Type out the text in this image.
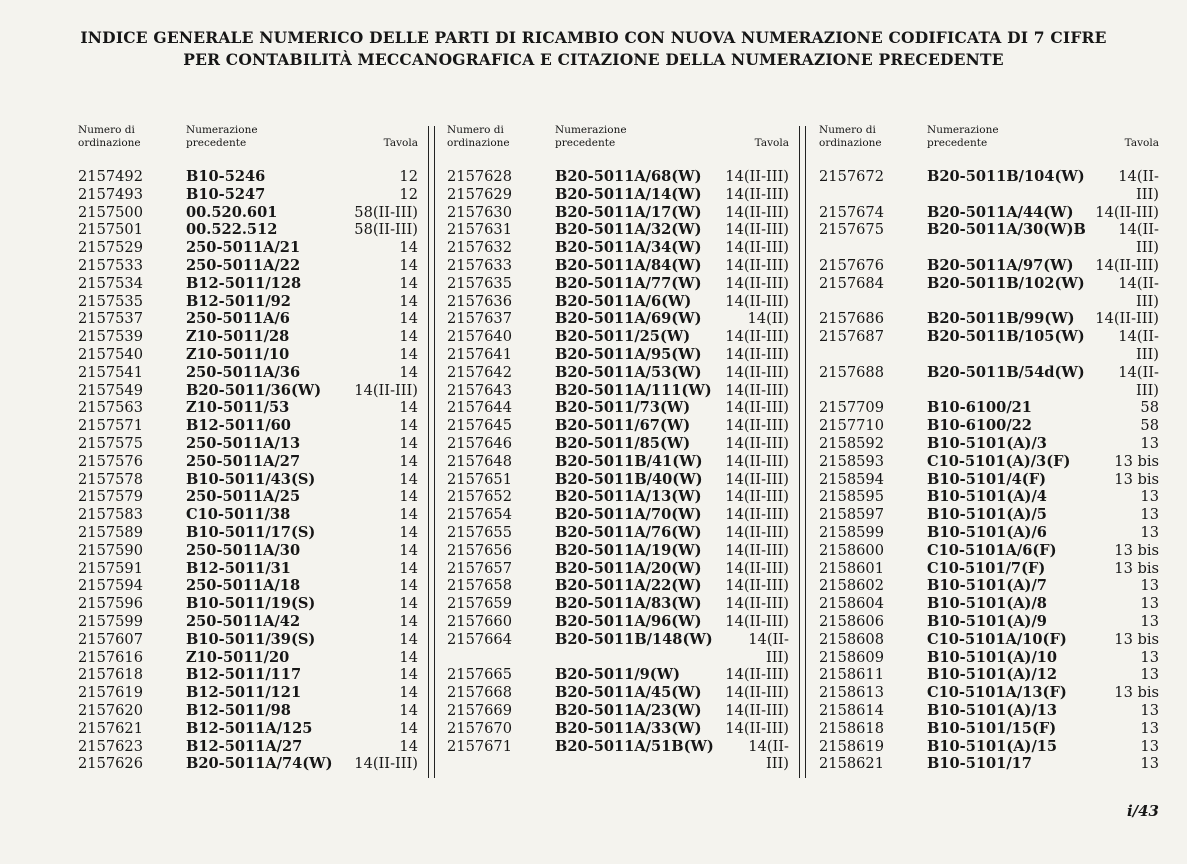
INDICE GENERALE NUMERICO DELLE PARTI DI RICAMBIO CON NUOVA NUMERAZIONE CODIFICATA DI 7 CIFRE
PER CONTABILITÀ MECCANOGRAFICA E CITAZIONE DELLA NUMERAZIONE PRECEDENTE
Numero di
ordinazione
Numerazione
precedente	Tavola
2157492	B10-5246	12
2157493	B10-5247	12
2157500	00.520.601	58(II-III)
2157501	00.522.512	58(II-III)
2157529	250-5011A/21	14
2157533	250-5011A/22	14
2157534	B12-5011/128	14
2157535	B12-5011/92	14
2157537	250-5011A/6	14
2157539	Z10-5011/28	14
2157540	Z10-5011/10	14
2157541	250-5011A/36	14
2157549	B20-5011/36(W)	14(II-III)
2157563	Z10-5011/53	14
2157571	B12-5011/60	14
2157575	250-5011A/13	14
2157576	250-5011A/27	14
2157578	B10-5011/43(S)	14
2157579	250-5011A/25	14
2157583	C10-5011/38	14
2157589	B10-5011/17(S)	14
2157590	250-5011A/30	14
2157591	B12-5011/31	14
2157594	250-5011A/18	14
2157596	B10-5011/19(S)	14
2157599	250-5011A/42	14
2157607	B10-5011/39(S)	14
2157616	Z10-5011/20	14
2157618	B12-5011/117	14
2157619	B12-5011/121	14
2157620	B12-5011/98	14
2157621	B12-5011A/125	14
2157623	B12-5011A/27	14
2157626	B20-5011A/74(W)	14(II-III)
Numero di
ordinazione
Numerazione
precedente	Tavola
2157628	B20-5011A/68(W)	14(II-III)
2157629	B20-5011A/14(W)	14(II-III)
2157630	B20-5011A/17(W)	14(II-III)
2157631	B20-5011A/32(W)	14(II-III)
2157632	B20-5011A/34(W)	14(II-III)
2157633	B20-5011A/84(W)	14(II-III)
2157635	B20-5011A/77(W)	14(II-III)
2157636	B20-5011A/6(W)	14(II-III)
2157637	B20-5011A/69(W)	14(II)
2157640	B20-5011/25(W)	14(II-III)
2157641	B20-5011A/95(W)	14(II-III)
2157642	B20-5011A/53(W)	14(II-III)
2157643	B20-5011A/111(W) 14(II-III)
2157644	B20-5011/73(W)	14(II-III)
2157645	B20-5011/67(W)	14(II-III)
2157646	B20-5011/85(W)	14(II-III)
2157648	B20-5011B/41(W)	14(II-III)
2157651	B20-5011B/40(W)	14(II-III)
2157652	B20-5011A/13(W)	14(II-III)
2157654	B20-5011A/70(W)	14(II-III)
2157655	B20-5011A/76(W)	14(II-III)
2157656	B20-5011A/19(W)	14(II-III)
2157657	B20-5011A/20(W)	14(II-III)
2157658	B20-5011A/22(W)	14(II-III)
2157659	B20-5011A/83(W)	14(II-III)
2157660	B20-5011A/96(W)	14(II-III)
2157664	B20-5011B/148(W)	14(II-
III)
2157665	B20-5011/9(W)	14(II-III)
2157668	B20-5011A/45(W)	14(II-III)
2157669	B20-5011A/23(W)	14(II-III)
2157670	B20-5011A/33(W)	14(II-III)
2157671	B20-5011A/51B(W)	14(II-
III)
Numero di
ordinazione
Numerazione
precedente	Tavola
2157672	B20-5011B/104(W)	14(II-
III)
2157674	B20-5011A/44(W)	14(II-III)
2157675	B20-5011A/30(W)B	14(II-
III)
2157676	B20-5011A/97(W)	14(II-III)
2157684	B20-5011B/102(W)	14(II-
III)
2157686	B20-5011B/99(W)	14(II-III)
2157687	B20-5011B/105(W)	14(II-
III)
2157688	B20-5011B/54d(W)	14(II-
III)
2157709	B10-6100/21	58
2157710	B10-6100/22	58
2158592	B10-5101(A)/3	13
2158593	C10-5101(A)/3(F)	13 bis
2158594	B10-5101/4(F)	13 bis
2158595	B10-5101(A)/4	13
2158597	B10-5101(A)/5	13
2158599	B10-5101(A)/6	13
2158600	C10-5101A/6(F)	13 bis
2158601	C10-5101/7(F)	13 bis
2158602	B10-5101(A)/7	13
2158604	B10-5101(A)/8	13
2158606	B10-5101(A)/9	13
2158608	C10-5101A/10(F)	13 bis
2158609	B10-5101(A)/10	13
2158611	B10-5101(A)/12	13
2158613	C10-5101A/13(F)	13 bis
2158614	B10-5101(A)/13	13
2158618	B10-5101/15(F)	13
2158619	B10-5101(A)/15	13
2158621	B10-5101/17	13
i/43
